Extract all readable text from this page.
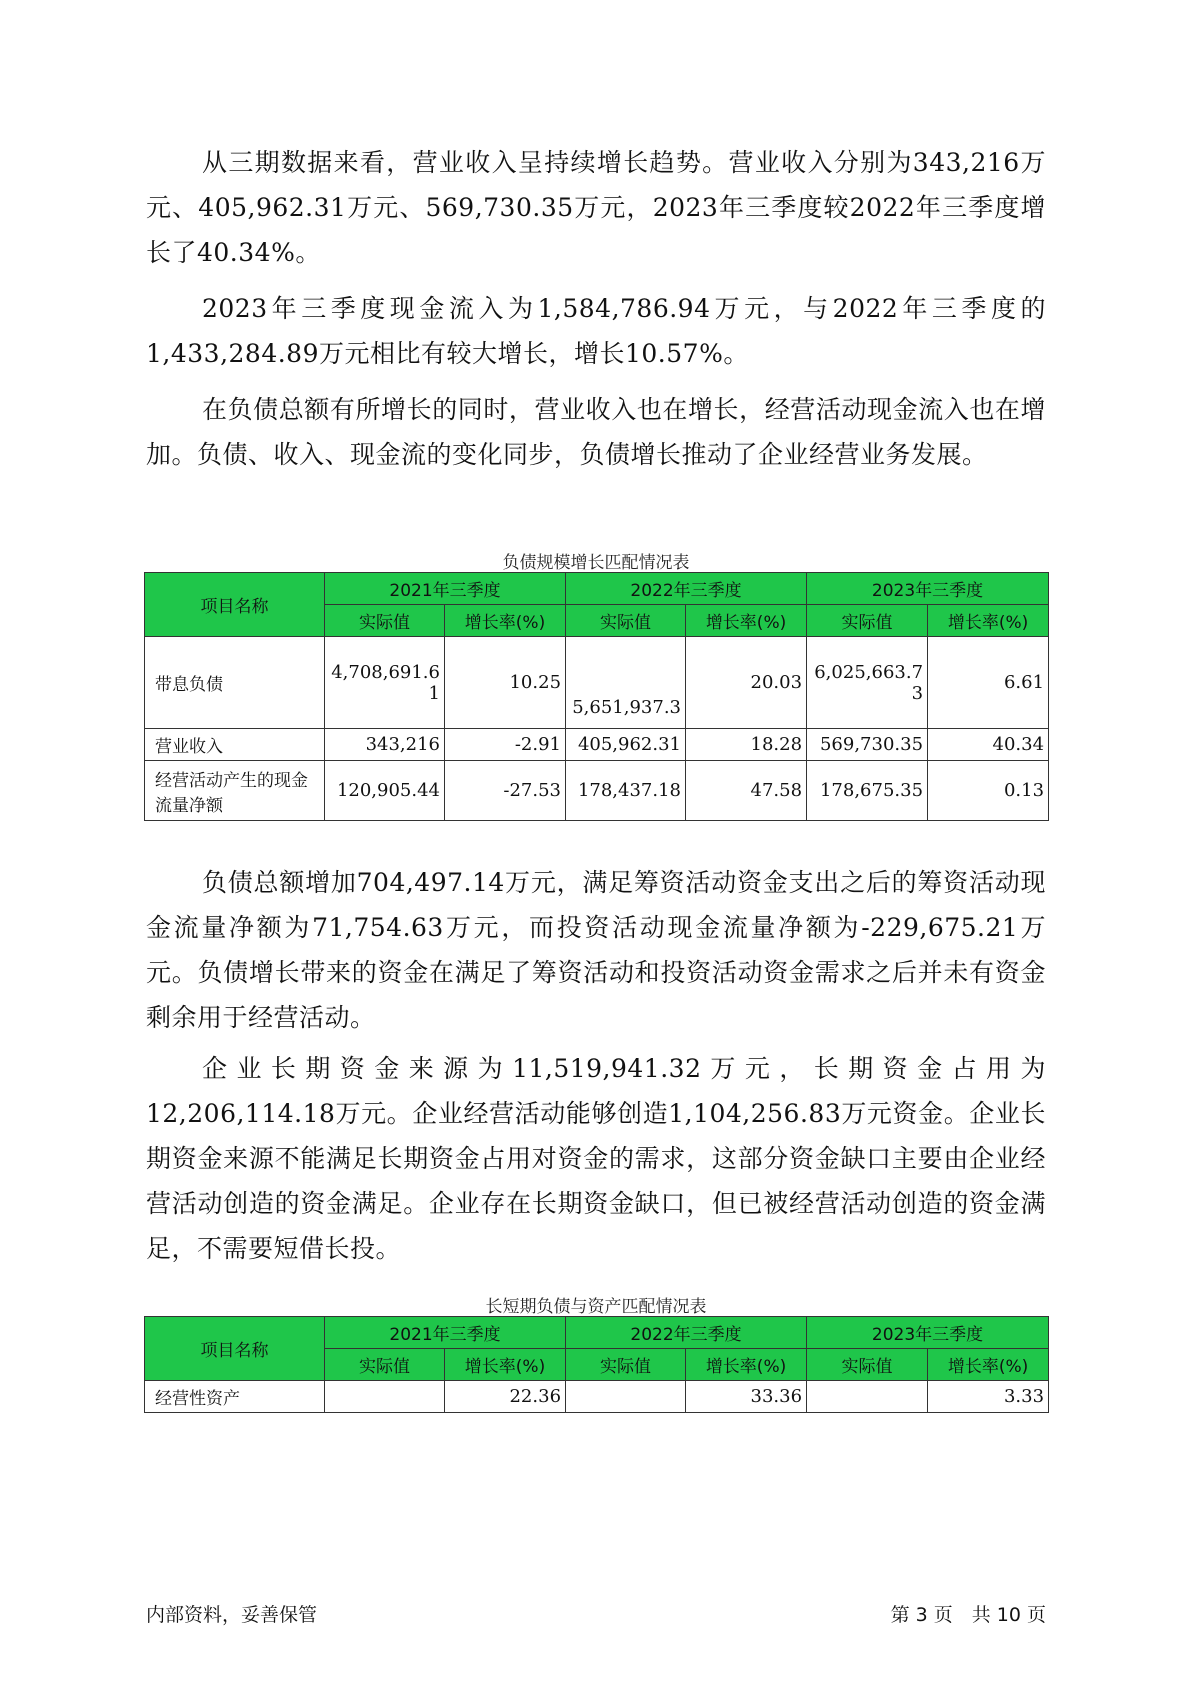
从三期数据来看，营业收入呈持续增长趋势。营业收入分别为343,216万元、405,962.31万元、569,730.35万元，2023年三季度较2022年三季度增长了40.34%。

2023年三季度现金流入为1,584,786.94万元，与2022年三季度的1,433,284.89万元相比有较大增长，增长10.57%。

在负债总额有所增长的同时，营业收入也在增长，经营活动现金流入也在增加。负债、收入、现金流的变化同步，负债增长推动了企业经营业务发展。

负债规模增长匹配情况表
项目名称	2021年三季度		2022年三季度		2023年三季度	
	实际值	增长率(%)	实际值	增长率(%)	实际值	增长率(%)
带息负债	4,708,691.61	10.25	5,651,937.3	20.03	6,025,663.73	6.61
营业收入	343,216	-2.91	405,962.31	18.28	569,730.35	40.34
经营活动产生的现金流量净额	120,905.44	-27.53	178,437.18	47.58	178,675.35	0.13

负债总额增加704,497.14万元，满足筹资活动资金支出之后的筹资活动现金流量净额为71,754.63万元，而投资活动现金流量净额为-229,675.21万元。负债增长带来的资金在满足了筹资活动和投资活动资金需求之后并未有资金剩余用于经营活动。

企业长期资金来源为11,519,941.32万元，长期资金占用为12,206,114.18万元。企业经营活动能够创造1,104,256.83万元资金。企业长期资金来源不能满足长期资金占用对资金的需求，这部分资金缺口主要由企业经营活动创造的资金满足。企业存在长期资金缺口，但已被经营活动创造的资金满足，不需要短借长投。

长短期负债与资产匹配情况表
项目名称	2021年三季度		2022年三季度		2023年三季度	
	实际值	增长率(%)	实际值	增长率(%)	实际值	增长率(%)
经营性资产		22.36		33.36		3.33
内部资料，妥善保管	第 3 页　共 10 页
